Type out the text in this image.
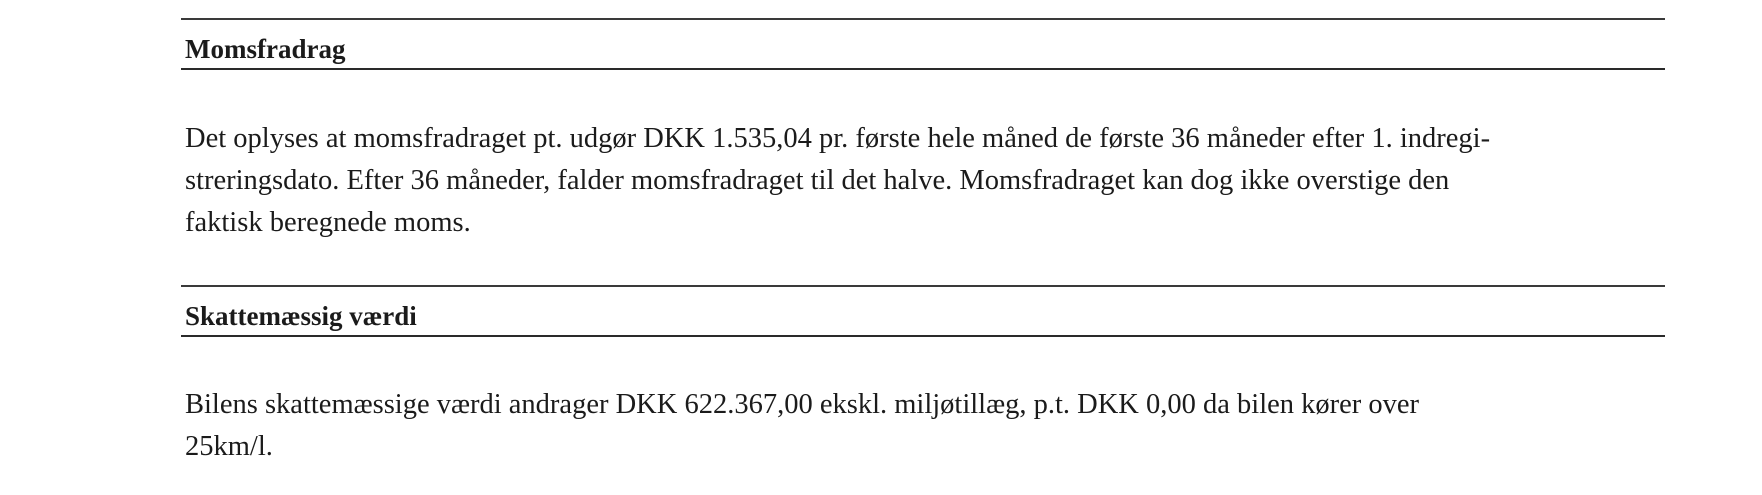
Momsfradrag
Det oplyses at momsfradraget pt. udgør DKK 1.535,04 pr. første hele måned de første 36 måneder efter 1. indregi-
streringsdato. Efter 36 måneder, falder momsfradraget til det halve. Momsfradraget kan dog ikke overstige den
faktisk beregnede moms.
Skattemæssig værdi
Bilens skattemæssige værdi andrager DKK 622.367,00 ekskl. miljøtillæg, p.t. DKK 0,00 da bilen kører over
25km/l.
